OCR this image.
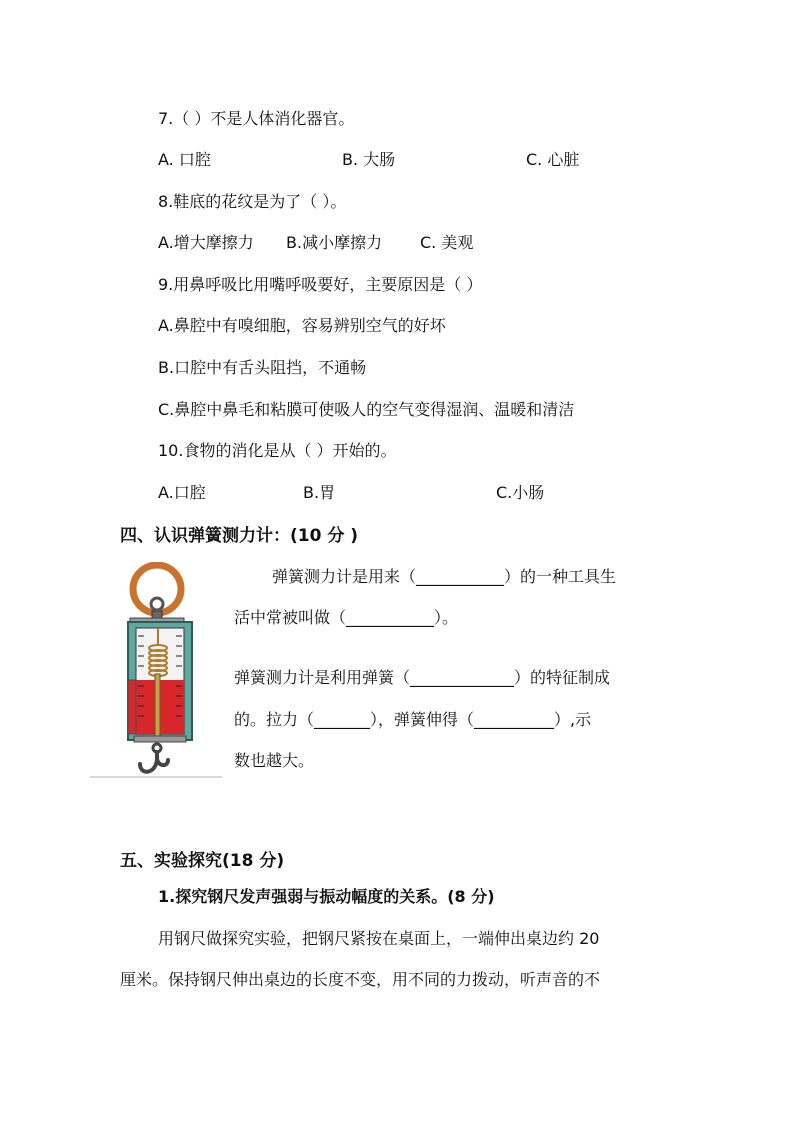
7.（ ）不是人体消化器官。
A. 口腔	B. 大肠	C. 心脏
8.鞋底的花纹是为了（ ）。
A.增大摩擦力 B.减小摩擦力 C. 美观
9.用鼻呼吸比用嘴呼吸要好，主要原因是（ ）
A.鼻腔中有嗅细胞，容易辨别空气的好坏
B.口腔中有舌头阻挡，不通畅
C.鼻腔中鼻毛和粘膜可使吸人的空气变得湿润、温暖和清洁
10.食物的消化是从（ ）开始的。
A.口腔	B.胃	C.小肠
四、认识弹簧测力计：(10 分 )
弹簧测力计是用来（___________）的一种工具生
活中常被叫做（___________）。
弹簧测力计是利用弹簧（_____________）的特征制成
的。拉力（_______），弹簧伸得（__________）,示
数也越大。
五、实验探究(18 分)
1.探究钢尺发声强弱与振动幅度的关系。(8 分)
用钢尺做探究实验，把钢尺紧按在桌面上，一端伸出桌边约 20
厘米。保持钢尺伸出桌边的长度不变，用不同的力拨动，听声音的不
